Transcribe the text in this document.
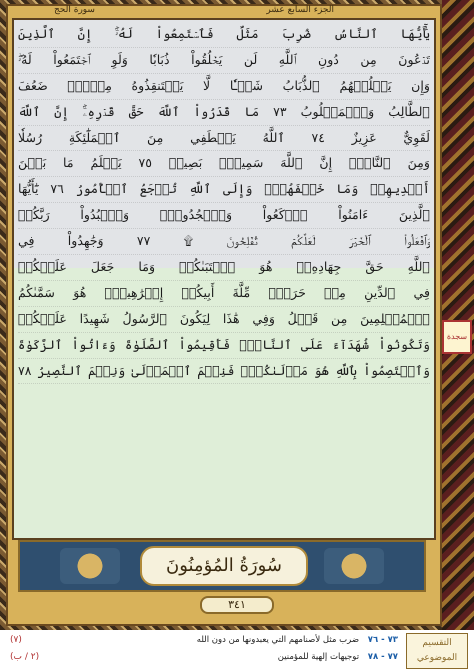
الجزء السابع عشر
سورة الحج
يَٰٓأَيُّهَا ٱلنَّاسُ ضُرِبَ مَثَلٌ فَٱسۡتَمِعُواْ لَهُۥٓۚ إِنَّ ٱلَّذِينَ
تَدۡعُونَ مِن دُونِ ٱللَّهِ لَن يَخۡلُقُواْ ذُبَابٗا وَلَوِ ٱجۡتَمَعُواْ لَهُۥۖ
وَإِن يَسۡلُبۡهُمُ ٱلذُّبَابُ شَيۡـٔٗا لَّا يَسۡتَنقِذُوهُ مِنۡهُۚ ضَعُفَ
ٱلطَّالِبُ وَٱلۡمَطۡلُوبُ ٧٣ مَا قَدَرُواْ ٱللَّهَ حَقَّ قَدۡرِهِۦٓۚ إِنَّ ٱللَّهَ
لَقَوِيٌّ عَزِيزٌ ٧٤ ٱللَّهُ يَصۡطَفِي مِنَ ٱلۡمَلَٰٓئِكَةِ رُسُلٗا
وَمِنَ ٱلنَّاسِۚ إِنَّ ٱللَّهَ سَمِيعُۢ بَصِيرٞ ٧٥ يَعۡلَمُ مَا بَيۡنَ
أَيۡدِيهِمۡ وَمَا خَلۡفَهُمۡۚ وَإِلَى ٱللَّهِ تُرۡجَعُ ٱلۡأُمُورُ ٧٦ يَٰٓأَيُّهَا
ٱلَّذِينَ ءَامَنُواْ ٱرۡكَعُواْ وَٱسۡجُدُواْۤ وَٱعۡبُدُواْ رَبَّكُمۡ
وَٱفۡعَلُواْ ٱلۡخَيۡرَ لَعَلَّكُمۡ تُفۡلِحُونَ ۩ ٧٧ وَجَٰهِدُواْ فِي
ٱللَّهِ حَقَّ جِهَادِهِۦۚ هُوَ ٱجۡتَبَىٰكُمۡ وَمَا جَعَلَ عَلَيۡكُمۡ
فِي ٱلدِّينِ مِنۡ حَرَجٖۚ مِّلَّةَ أَبِيكُمۡ إِبۡرَٰهِيمَۚ هُوَ سَمَّىٰكُمُ
ٱلۡمُسۡلِمِينَ مِن قَبۡلُ وَفِي هَٰذَا لِيَكُونَ ٱلرَّسُولُ شَهِيدًا عَلَيۡكُمۡ
وَتَكُونُواْ شُهَدَآءَ عَلَى ٱلنَّاسِۚ فَأَقِيمُواْ ٱلصَّلَوٰةَ وَءَاتُواْ ٱلزَّكَوٰةَ
وَٱعۡتَصِمُواْ بِٱللَّهِ هُوَ مَوۡلَىٰكُمۡۖ فَنِعۡمَ ٱلۡمَوۡلَىٰ وَنِعۡمَ ٱلنَّصِيرُ ٧٨
سجدة
سُورَةُ المُؤمِنُونَ
٣٤١
التقسيم الموضوعي
٧٣ - ٧٦ ضرب مثل لأصنامهم التي يعبدونها من دون الله
٧٧ - ٧٨ توجيهات إلهية للمؤمنين
(٧)
(٢ / ب)
